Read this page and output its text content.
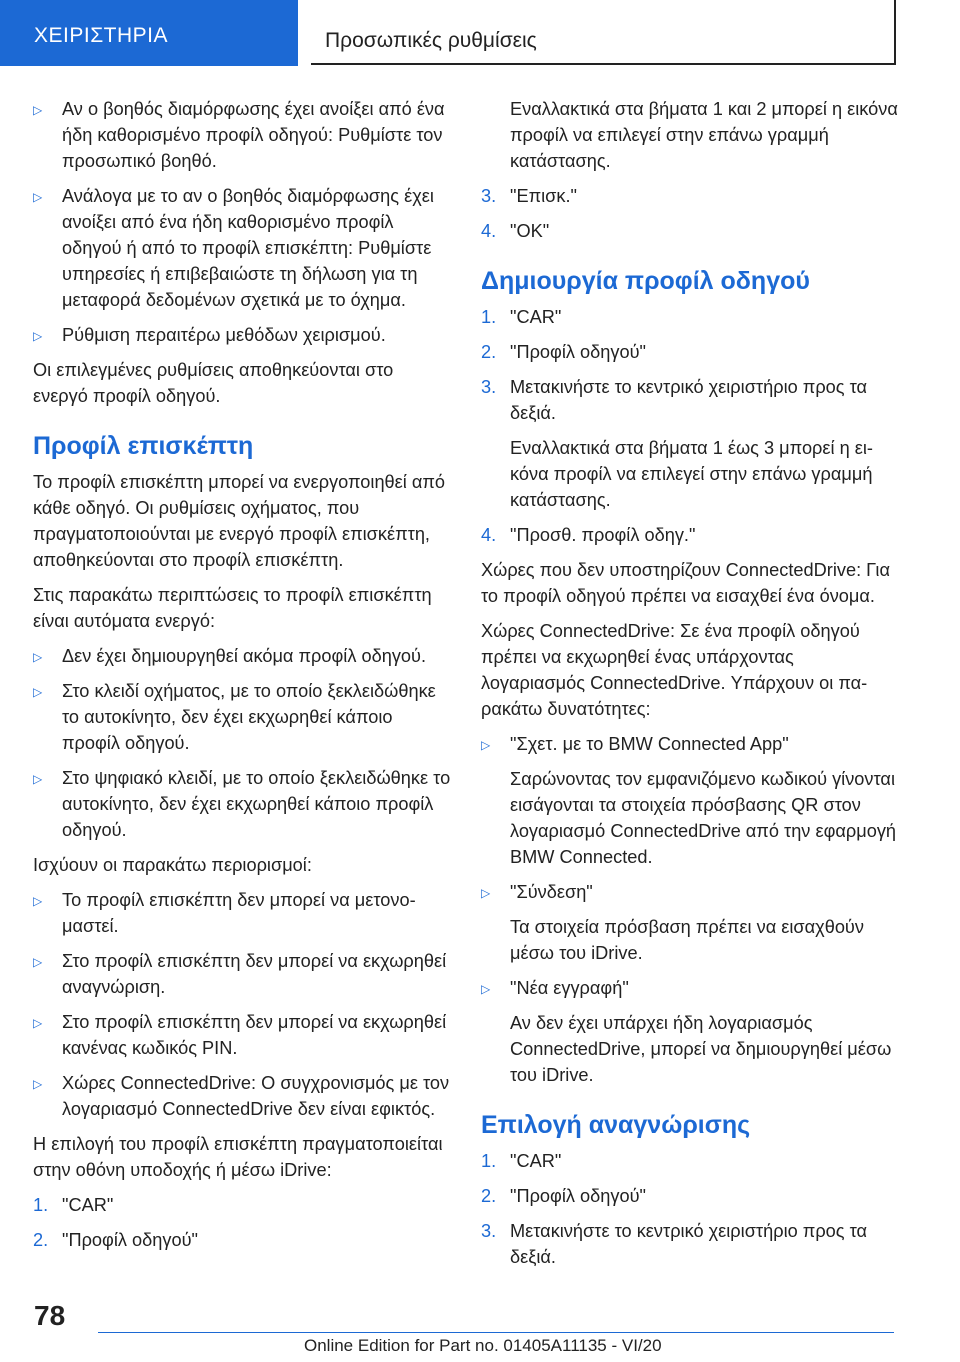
ΧΕΙΡΙΣΤΗΡΙΑ	Προσωπικές ρυθμίσεις
▷ Αν ο βοηθός διαμόρφωσης έχει ανοίξει από ένα ήδη καθορισμένο προφίλ οδηγού: Ρυθμίστε τον προσωπικό βοηθό.
▷ Ανάλογα με το αν ο βοηθός διαμόρφωσης έχει ανοίξει από ένα ήδη καθορισμένο προφίλ οδηγού ή από το προφίλ επισκέπτη: Ρυθμίστε υπηρεσίες ή επιβεβαιώστε τη δήλωση για τη μεταφορά δεδομένων σχετικά με το όχημα.
▷ Ρύθμιση περαιτέρω μεθόδων χειρισμού.

Οι επιλεγμένες ρυθμίσεις αποθηκεύονται στο ενεργό προφίλ οδηγού.

Προφίλ επισκέπτη

Το προφίλ επισκέπτη μπορεί να ενεργοποιηθεί από κάθε οδηγό. Οι ρυθμίσεις οχήματος, που πραγματοποιούνται με ενεργό προφίλ επισκέπτη, αποθηκεύονται στο προφίλ επισκέπτη.

Στις παρακάτω περιπτώσεις το προφίλ επισκέπτη είναι αυτόματα ενεργό:

▷ Δεν έχει δημιουργηθεί ακόμα προφίλ οδηγού.
▷ Στο κλειδί οχήματος, με το οποίο ξεκλειδώθηκε το αυτοκίνητο, δεν έχει εκχωρηθεί κάποιο προφίλ οδηγού.
▷ Στο ψηφιακό κλειδί, με το οποίο ξεκλειδώθηκε το αυτοκίνητο, δεν έχει εκχωρηθεί κάποιο προφίλ οδηγού.

Ισχύουν οι παρακάτω περιορισμοί:

▷ Το προφίλ επισκέπτη δεν μπορεί να μετονομαστεί.
▷ Στο προφίλ επισκέπτη δεν μπορεί να εκχωρηθεί αναγνώριση.
▷ Στο προφίλ επισκέπτη δεν μπορεί να εκχωρηθεί κανένας κωδικός PIN.
▷ Χώρες ConnectedDrive: Ο συγχρονισμός με τον λογαριασμό ConnectedDrive δεν είναι εφικτός.

Η επιλογή του προφίλ επισκέπτη πραγματοποιείται στην οθόνη υποδοχής ή μέσω iDrive:

1. "CAR"
2. "Προφίλ οδηγού"

Εναλλακτικά στα βήματα 1 και 2 μπορεί η εικόνα προφίλ να επιλεγεί στην επάνω γραμμή κατάστασης.

3. "Επισκ."
4. "OK"
Δημιουργία προφίλ οδηγού
1. "CAR"
2. "Προφίλ οδηγού"
3. Μετακινήστε το κεντρικό χειριστήριο προς τα δεξιά.

Εναλλακτικά στα βήματα 1 έως 3 μπορεί η εικόνα προφίλ να επιλεγεί στην επάνω γραμμή κατάστασης.

4. "Προσθ. προφίλ οδηγ."

Χώρες που δεν υποστηρίζουν ConnectedDrive: Για το προφίλ οδηγού πρέπει να εισαχθεί ένα όνομα.

Χώρες ConnectedDrive: Σε ένα προφίλ οδηγού πρέπει να εκχωρηθεί ένας υπάρχοντας λογαριασμός ConnectedDrive. Υπάρχουν οι παρακάτω δυνατότητες:

▷ "Σχετ. με το BMW Connected App"

Σαρώνοντας τον εμφανιζόμενο κωδικού γίνονται εισάγονται τα στοιχεία πρόσβασης QR στον λογαριασμό ConnectedDrive από την εφαρμογή BMW Connected.

▷ "Σύνδεση"

Τα στοιχεία πρόσβαση πρέπει να εισαχθούν μέσω του iDrive.

▷ "Νέα εγγραφή"

Αν δεν έχει υπάρχει ήδη λογαριασμός ConnectedDrive, μπορεί να δημιουργηθεί μέσω του iDrive.

Επιλογή αναγνώρισης
1. "CAR"
2. "Προφίλ οδηγού"
3. Μετακινήστε το κεντρικό χειριστήριο προς τα δεξιά.
78
Online Edition for Part no. 01405A11135 - VI/20
